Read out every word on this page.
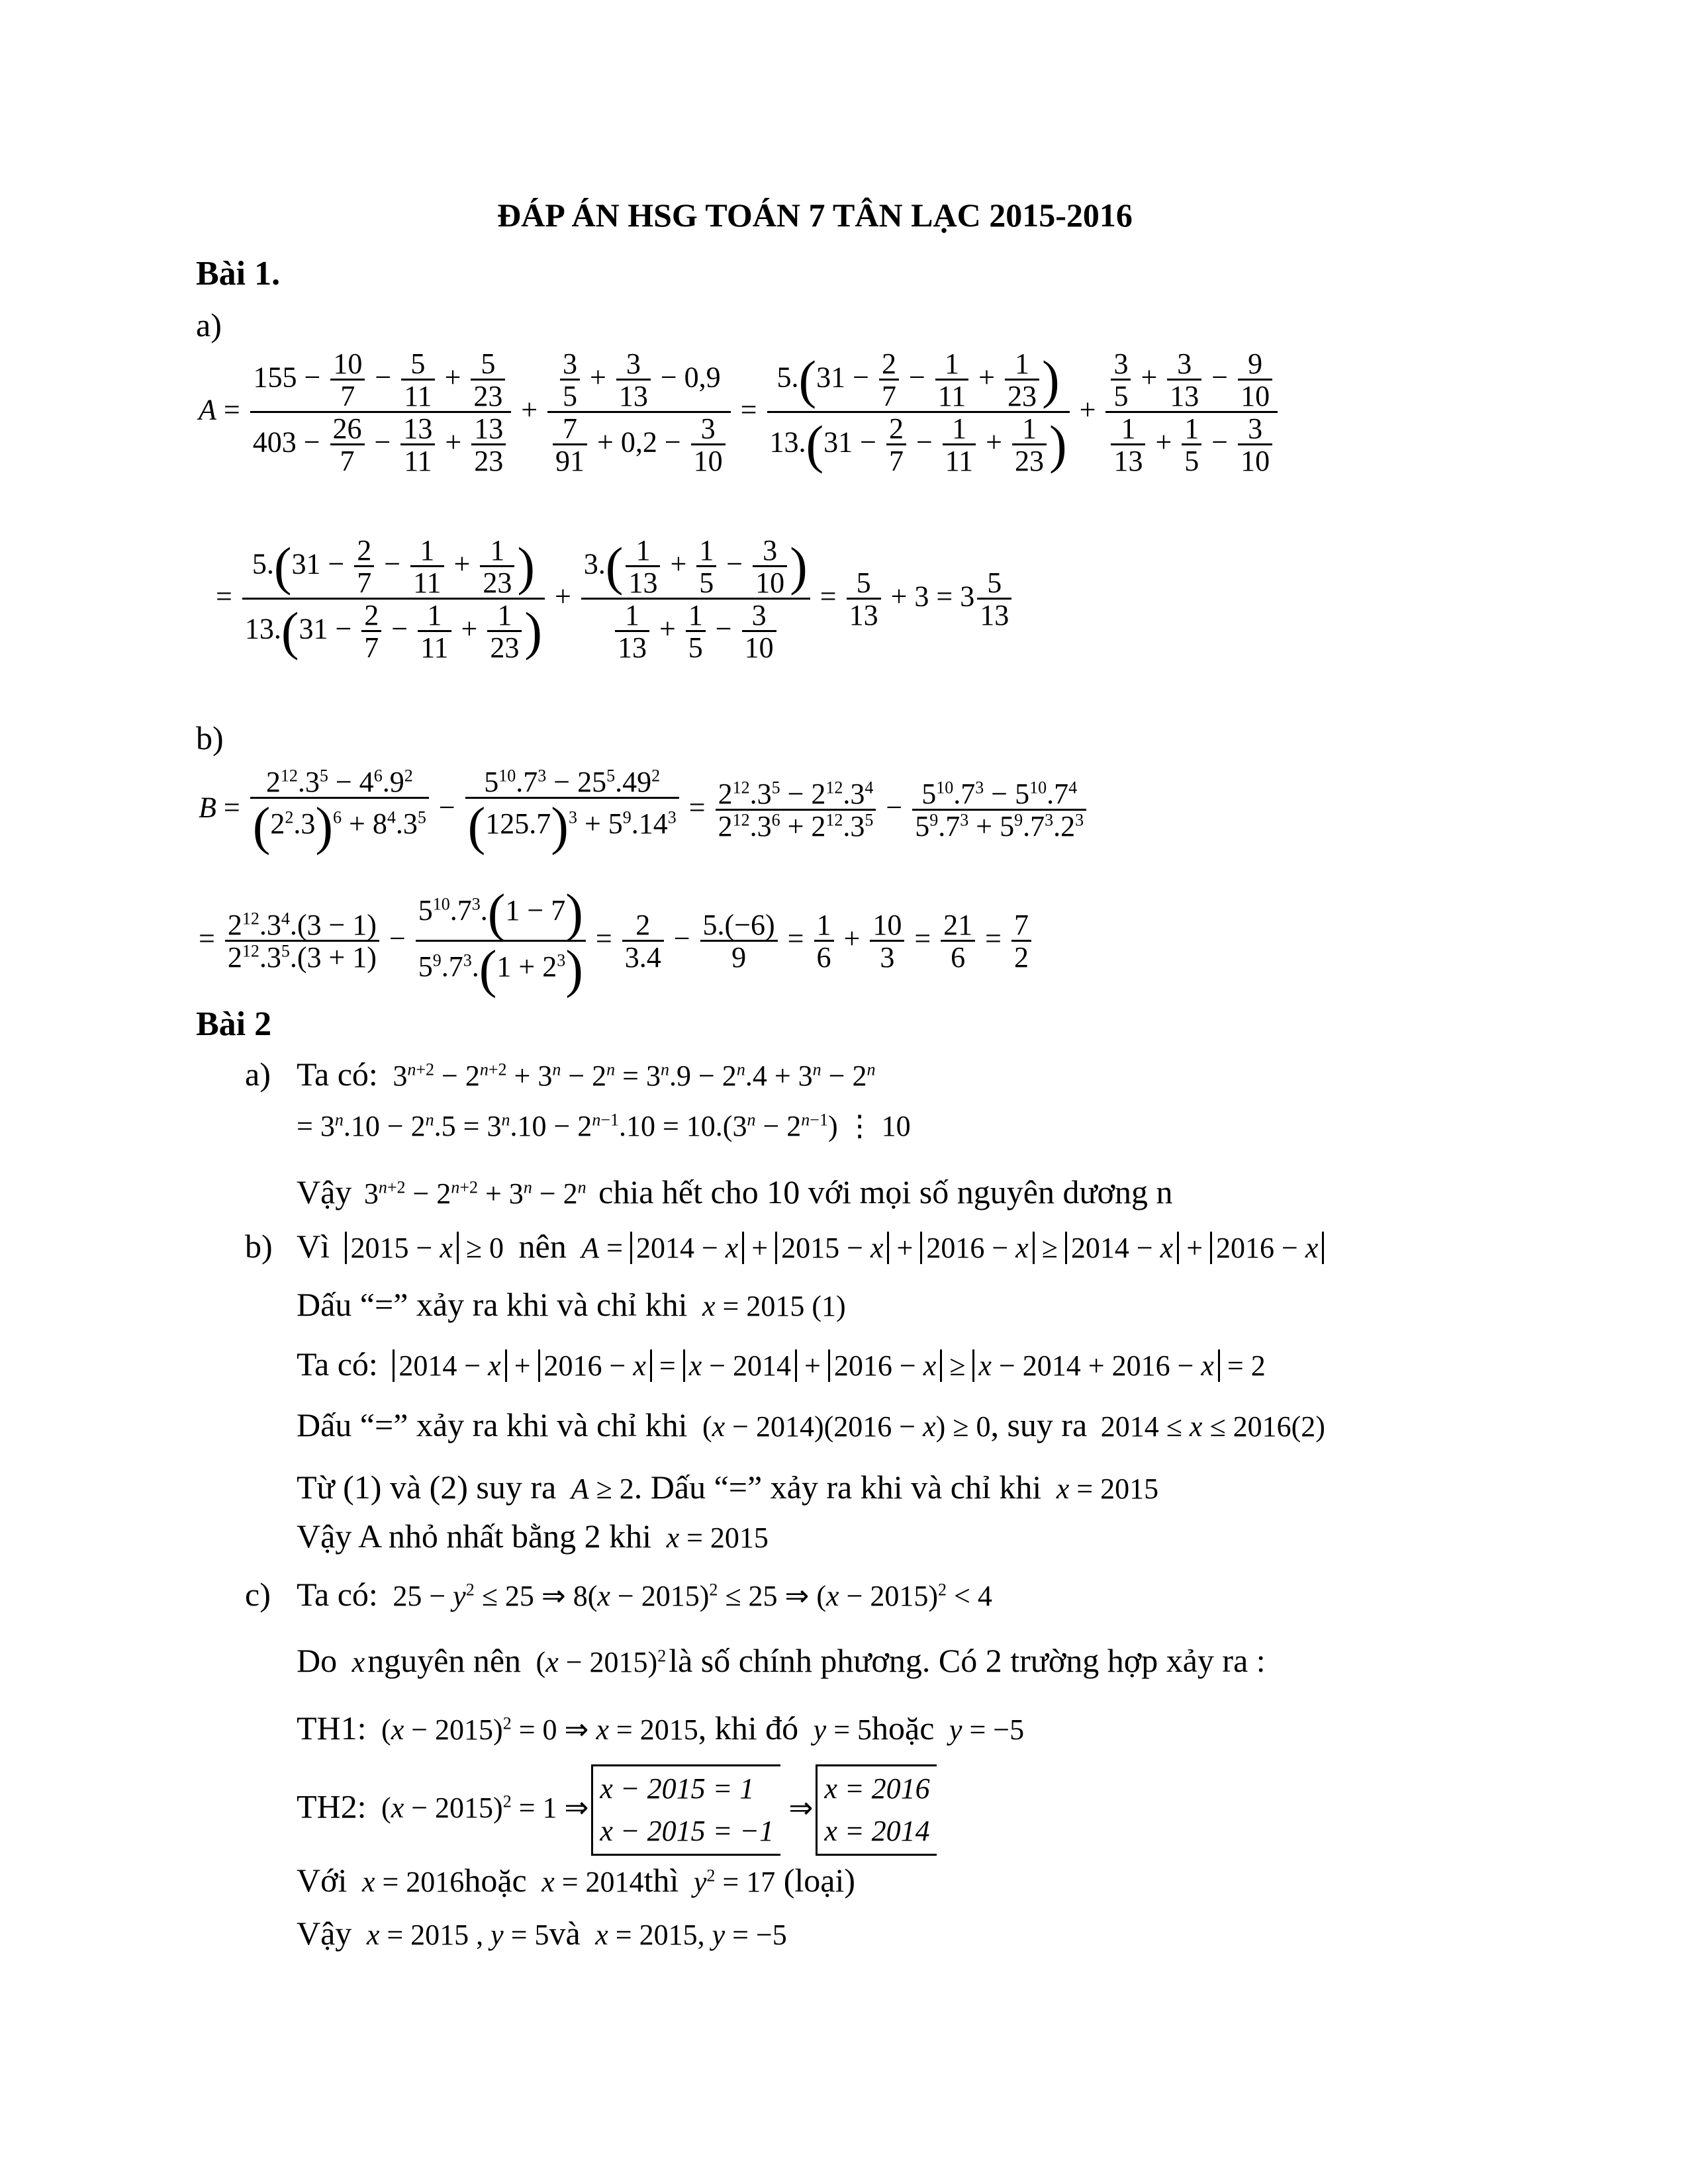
ĐÁP ÁN HSG TOÁN 7 TÂN LẠC 2015-2016
Bài 1.
a)
$A = \frac{155 - \frac{10}{7} - \frac{5}{11} + \frac{5}{23}}{403 - \frac{26}{7} - \frac{13}{11} + \frac{13}{23}} + \frac{\frac{3}{5} + \frac{3}{13} - 0,9}{\frac{7}{91} + 0,2 - \frac{3}{10}} = \frac{5.(31 - \frac{2}{7} - \frac{1}{11} + \frac{1}{23} )}{13.(31 - \frac{2}{7} - \frac{1}{11} + \frac{1}{23} )} + \frac{\frac{3}{5} + \frac{3}{13} - \frac{9}{10}}{\frac{1}{13} + \frac{1}{5} - \frac{3}{10}}$
= $\frac{5.(31 - \frac{2}{7} - \frac{1}{11} + \frac{1}{23} )}{13.(31 - \frac{2}{7} - \frac{1}{11} + \frac{1}{23} )} + \frac{3.( \frac{1}{13} + \frac{1}{5} - \frac{3}{10} )}{\frac{1}{13} + \frac{1}{5} - \frac{3}{10}} = \frac{5}{13} + 3 = 3 \frac{5}{13}$
b)
$B = \frac{2^{12}.3^5 - 4^6.9^2}{(2^2.3)^6 + 8^4.3^5} - \frac{5^{10}.7^3 - 25^5.49^2}{(125.7)^3 + 5^9.14^3} = \frac{2^{12}.3^5 - 2^{12}.3^4}{2^{12}.3^6 + 2^{12}.3^5} - \frac{5^{10}.7^3 - 5^{10}.7^4}{5^9.7^3 + 5^9.7^3.2^3}$
= $\frac{2^{12}.3^4.(3 - 1)}{2^{12}.3^5.(3 + 1)} - \frac{5^{10}.7^3.(1 - 7)}{5^9.7^3.(1 + 2^3)} = \frac{2}{3.4} - \frac{5.(-6)}{9} = \frac{1}{6} + \frac{10}{3} = \frac{21}{6} = \frac{7}{2}$
Bài 2
a) Ta có: $3^{n+2} - 2^{n+2} + 3^n - 2^n = 3^n.9 - 2^n.4 + 3^n - 2^n$
= $3^n.10 - 2^n.5 = 3^n.10 - 2^{n-1}.10 = 10.(3^n - 2^{n-1})$ ⋮ 10
Vậy $3^{n+2} - 2^{n+2} + 3^n - 2^n$ chia hết cho 10 với mọi số nguyên dương n
b) Vì 2015 − x ≥ 0 nên A = 2014 − x + 2015 − x + 2016 − x ≥ 2014 − x + 2016 − x
Dấu “=” xảy ra khi và chỉ khi x = 2015 (1)
Ta có: 2014 − x + 2016 − x = x − 2014 + 2016 − x ≥ x − 2014 + 2016 − x = 2
Dấu “=” xảy ra khi và chỉ khi (x − 2014)(2016 − x) ≥ 0, suy ra 2014 ≤ x ≤ 2016(2)
Từ (1) và (2) suy ra A ≥ 2. Dấu “=” xảy ra khi và chỉ khi x = 2015
Vậy A nhỏ nhất bằng 2 khi x = 2015
c) Ta có: $25 - y^2 \le 25$ ⇒ $8(x - 2015)^2 \le 25$ ⇒ $(x - 2015)^2 < 4$
Do xnguyên nên $(x - 2015)^2là$ số chính phương. Có 2 trường hợp xảy ra :
TH1: $(x - 2015)^2 = 0$ ⇒ x = 2015, khi đó y = 5hoặc y = −5
TH2: $(x - 2015)^2 = 1$ ⇒x − 2015 = 1
x − 2015 = −1 ⇒x = 2016
x = 2014
Với x = 2016hoặc x = 2014thì $y^2 = 17$ (loại)
Vậy x = 2015 , y = 5và x = 2015, y = −5
